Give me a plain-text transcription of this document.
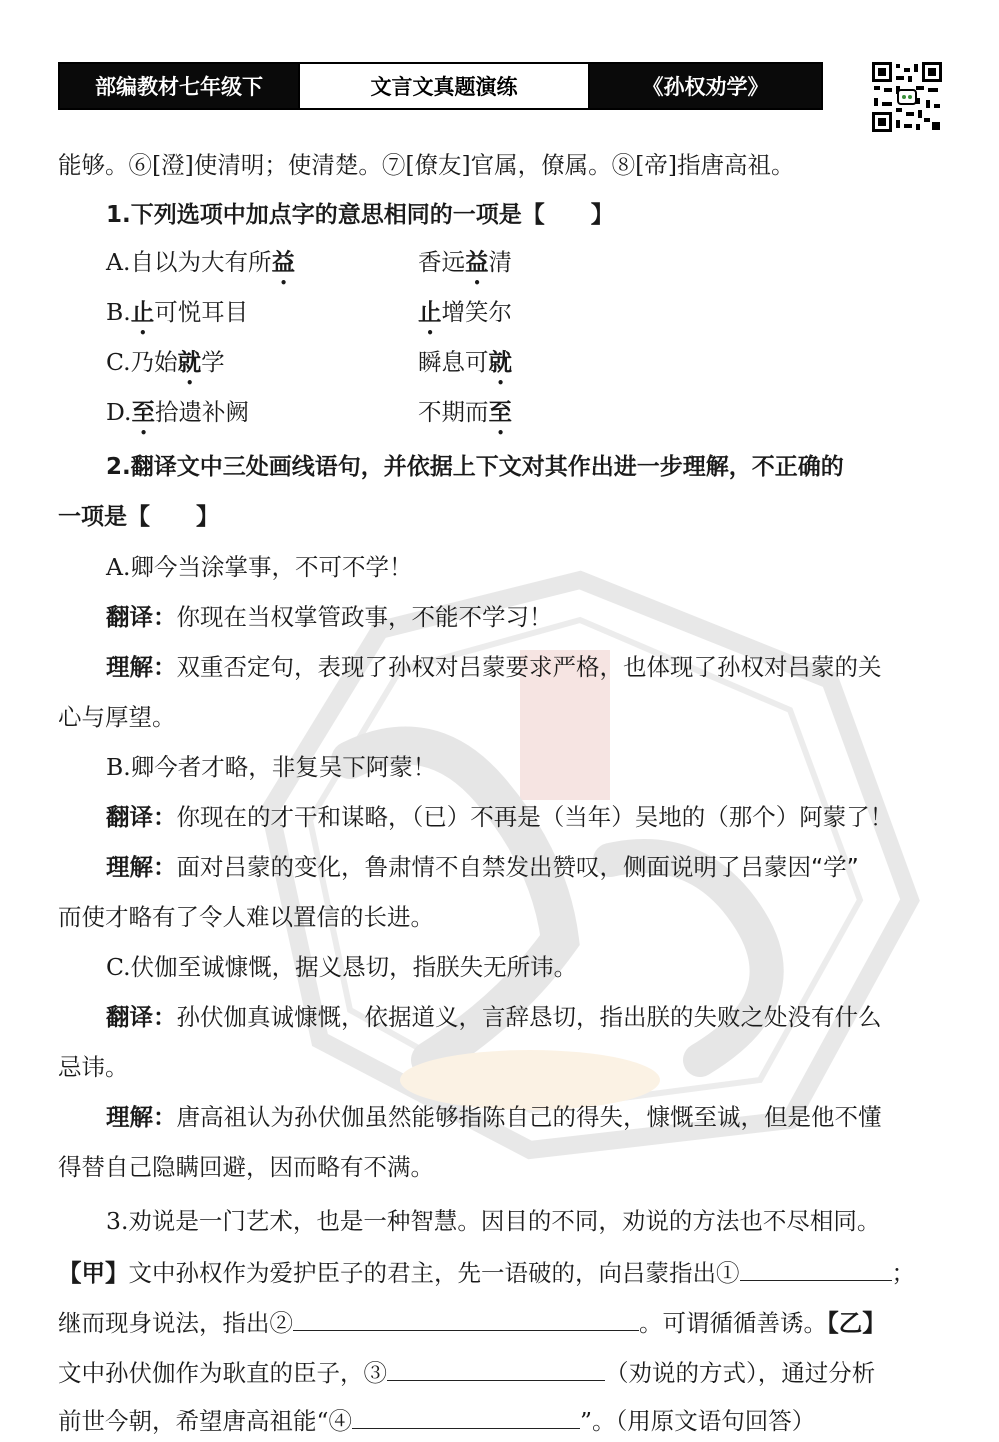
部编教材七年级下	文言文真题演练	《孙权劝学》
能够。⑥[澄]使清明；使清楚。⑦[僚友]官属，僚属。⑧[帝]指唐高祖。
1.下列选项中加点字的意思相同的一项是【　　】
A.自以为大有所益	香远益清
B.止可悦耳目	止增笑尔
C.乃始就学	瞬息可就
D.至拾遗补阙	不期而至
2.翻译文中三处画线语句，并依据上下文对其作出进一步理解，不正确的
一项是【　　】
A.卿今当涂掌事，不可不学！
翻译：你现在当权掌管政事，不能不学习！
理解：双重否定句，表现了孙权对吕蒙要求严格，也体现了孙权对吕蒙的关
心与厚望。
B.卿今者才略，非复吴下阿蒙！
翻译：你现在的才干和谋略，（已）不再是（当年）吴地的（那个）阿蒙了！
理解：面对吕蒙的变化，鲁肃情不自禁发出赞叹，侧面说明了吕蒙因“学”
而使才略有了令人难以置信的长进。
C.伏伽至诚慷慨，据义恳切，指朕失无所讳。
翻译：孙伏伽真诚慷慨，依据道义，言辞恳切，指出朕的失败之处没有什么
忌讳。
理解：唐高祖认为孙伏伽虽然能够指陈自己的得失，慷慨至诚，但是他不懂
得替自己隐瞒回避，因而略有不满。
3.劝说是一门艺术，也是一种智慧。因目的不同，劝说的方法也不尽相同。
【甲】文中孙权作为爱护臣子的君主，先一语破的，向吕蒙指出①	；
继而现身说法，指出②	。可谓循循善诱。【乙】
文中孙伏伽作为耿直的臣子，③	（劝说的方式），通过分析
前世今朝，希望唐高祖能“④	”。（用原文语句回答）
